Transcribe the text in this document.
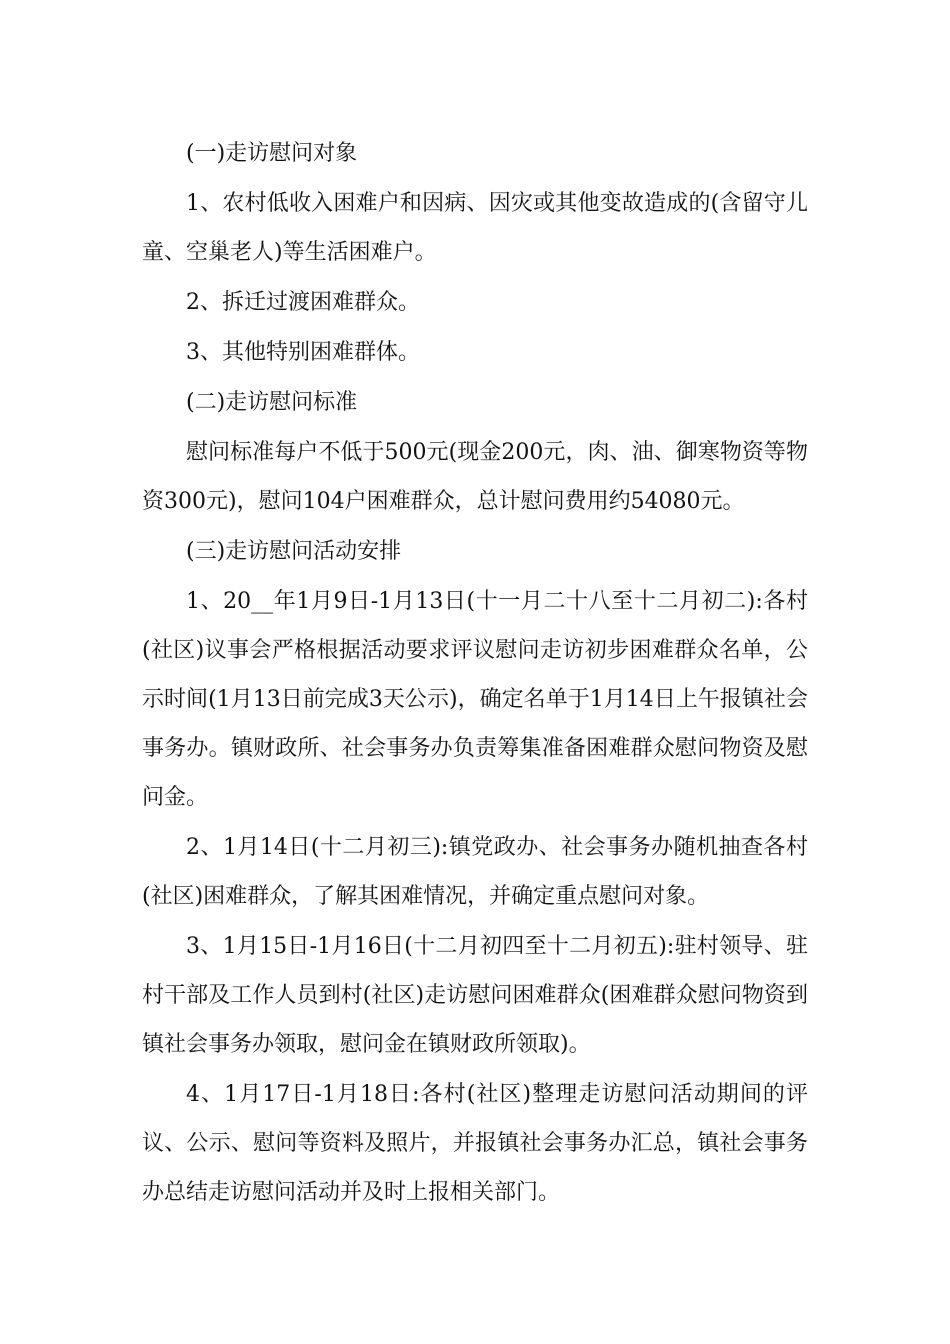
(一)走访慰问对象

1、农村低收入困难户和因病、因灾或其他变故造成的(含留守儿童、空巢老人)等生活困难户。

2、拆迁过渡困难群众。

3、其他特别困难群体。

(二)走访慰问标准

慰问标准每户不低于500元(现金200元，肉、油、御寒物资等物资300元)，慰问104户困难群众，总计慰问费用约54080元。

(三)走访慰问活动安排

1、20__年1月9日-1月13日(十一月二十八至十二月初二):各村(社区)议事会严格根据活动要求评议慰问走访初步困难群众名单，公示时间(1月13日前完成3天公示)，确定名单于1月14日上午报镇社会事务办。镇财政所、社会事务办负责筹集准备困难群众慰问物资及慰问金。

2、1月14日(十二月初三):镇党政办、社会事务办随机抽查各村(社区)困难群众，了解其困难情况，并确定重点慰问对象。

3、1月15日-1月16日(十二月初四至十二月初五):驻村领导、驻村干部及工作人员到村(社区)走访慰问困难群众(困难群众慰问物资到镇社会事务办领取，慰问金在镇财政所领取)。

4、1月17日-1月18日:各村(社区)整理走访慰问活动期间的评议、公示、慰问等资料及照片，并报镇社会事务办汇总，镇社会事务办总结走访慰问活动并及时上报相关部门。
